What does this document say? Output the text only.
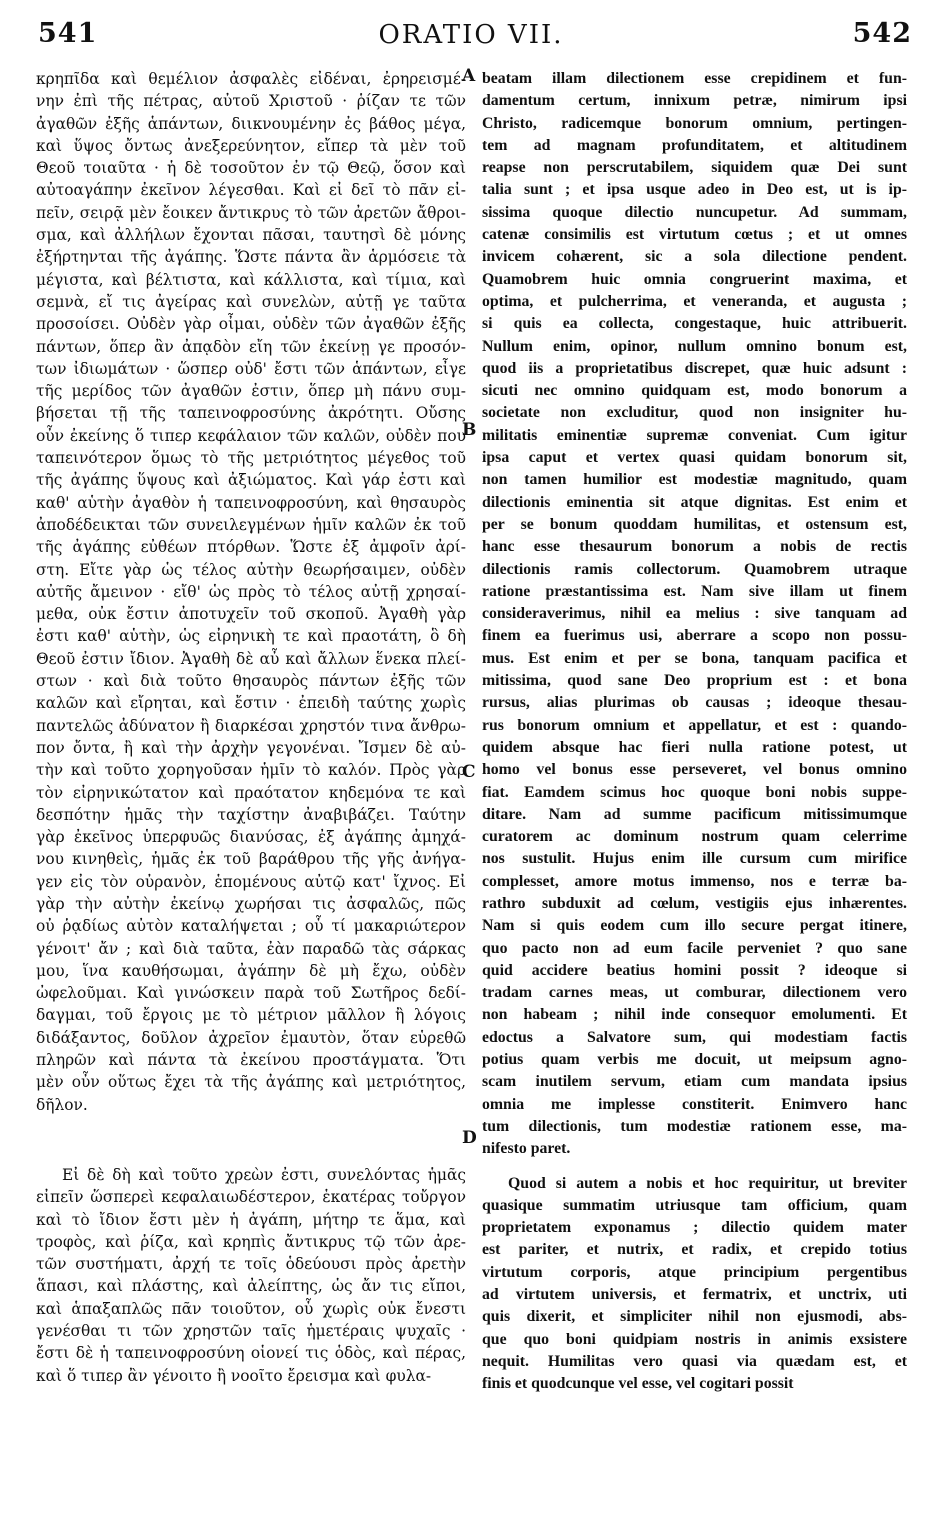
541	ORATIO VII.	542
A
B
C
D
κρηπῖδα καὶ θεμέλιον ἀσφαλὲς εἰδέναι, ἐρηρεισμέ-
νην ἐπὶ τῆς πέτρας, αὐτοῦ Χριστοῦ · ῥίζαν τε τῶν
ἀγαθῶν ἐξῆς ἁπάντων, διικνουμένην ἐς βάθος μέγα,
καὶ ὕψος ὄντως ἀνεξερεύνητον, εἴπερ τὰ μὲν τοῦ
Θεοῦ τοιαῦτα · ἡ δὲ τοσοῦτον ἐν τῷ Θεῷ, ὅσον καὶ
αὐτοαγάπην ἐκεῖνον λέγεσθαι. Καὶ εἰ δεῖ τὸ πᾶν εἰ-
πεῖν, σειρᾷ μὲν ἔοικεν ἄντικρυς τὸ τῶν ἀρετῶν ἄθροι-
σμα, καὶ ἀλλήλων ἔχονται πᾶσαι, ταυτησὶ δὲ μόνης
ἐξήρτηνται τῆς ἀγάπης. Ὥστε πάντα ἂν ἁρμόσειε τὰ
μέγιστα, καὶ βέλτιστα, καὶ κάλλιστα, καὶ τίμια, καὶ
σεμνὰ, εἴ τις ἀγείρας καὶ συνελὼν, αὐτῇ γε ταῦτα
προσοίσει. Οὐδὲν γὰρ οἶμαι, οὐδὲν τῶν ἀγαθῶν ἐξῆς
πάντων, ὅπερ ἂν ἀπᾳδὸν εἴη τῶν ἐκείνῃ γε προσόν-
των ἰδιωμάτων · ὥσπερ οὐδ' ἔστι τῶν ἁπάντων, εἶγε
τῆς μερίδος τῶν ἀγαθῶν ἐστιν, ὅπερ μὴ πάνυ συμ-
βήσεται τῇ τῆς ταπεινοφροσύνης ἀκρότητι. Οὔσης
οὖν ἐκείνης ὅ τιπερ κεφάλαιον τῶν καλῶν, οὐδὲν που
ταπεινότερον ὅμως τὸ τῆς μετριότητος μέγεθος τοῦ
τῆς ἀγάπης ὕψους καὶ ἀξιώματος. Καὶ γάρ ἐστι καὶ
καθ' αὑτὴν ἀγαθὸν ἡ ταπεινοφροσύνη, καὶ θησαυρὸς
ἀποδέδεικται τῶν συνειλεγμένων ἡμῖν καλῶν ἐκ τοῦ
τῆς ἀγάπης εὐθέων πτόρθων. Ὥστε ἐξ ἀμφοῖν ἀρί-
στη. Εἴτε γὰρ ὡς τέλος αὐτὴν θεωρήσαιμεν, οὐδὲν
αὐτῆς ἄμεινον · εἴθ' ὡς πρὸς τὸ τέλος αὐτῇ χρησαί-
μεθα, οὐκ ἔστιν ἀποτυχεῖν τοῦ σκοποῦ. Ἀγαθὴ γὰρ
ἐστι καθ' αὑτὴν, ὡς εἰρηνικὴ τε καὶ πραοτάτη, ὃ δὴ
Θεοῦ ἐστιν ἴδιον. Ἀγαθὴ δὲ αὖ καὶ ἄλλων ἕνεκα πλεί-
στων · καὶ διὰ τοῦτο θησαυρὸς πάντων ἐξῆς τῶν
καλῶν καὶ εἴρηται, καὶ ἔστιν · ἐπειδὴ ταύτης χωρὶς
παντελῶς ἀδύνατον ἢ διαρκέσαι χρηστόν τινα ἄνθρω-
πον ὄντα, ἢ καὶ τὴν ἀρχὴν γεγονέναι. Ἴσμεν δὲ αὐ-
τὴν καὶ τοῦτο χορηγοῦσαν ἡμῖν τὸ καλόν. Πρὸς γὰρ
τὸν εἰρηνικώτατον καὶ πραότατον κηδεμόνα τε καὶ
δεσπότην ἡμᾶς τὴν ταχίστην ἀναβιβάζει. Ταύτην
γὰρ ἐκεῖνος ὑπερφυῶς διανύσας, ἐξ ἀγάπης ἀμηχά-
νου κινηθεὶς, ἡμᾶς ἐκ τοῦ βαράθρου τῆς γῆς ἀνήγα-
γεν εἰς τὸν οὐρανὸν, ἑπομένους αὐτῷ κατ' ἴχνος. Εἰ
γὰρ τὴν αὐτὴν ἐκείνῳ χωρήσαι τις ἀσφαλῶς, πῶς
οὐ ῥᾳδίως αὐτὸν καταλήψεται ; οὗ τί μακαριώτερον
γένοιτ' ἄν ; καὶ διὰ ταῦτα, ἐὰν παραδῶ τὰς σάρκας
μου, ἵνα καυθήσωμαι, ἀγάπην δὲ μὴ ἔχω, οὐδὲν
ὠφελοῦμαι. Καὶ γινώσκειν παρὰ τοῦ Σωτῆρος δεδί-
δαγμαι, τοῦ ἔργοις με τὸ μέτριον μᾶλλον ἢ λόγοις
διδάξαντος, δοῦλον ἀχρεῖον ἐμαυτὸν, ὅταν εὑρεθῶ
πληρῶν καὶ πάντα τὰ ἐκείνου προστάγματα. Ὅτι
μὲν οὖν οὕτως ἔχει τὰ τῆς ἀγάπης καὶ μετριότητος,
δῆλον.
Εἰ δὲ δὴ καὶ τοῦτο χρεὼν ἐστι, συνελόντας ἡμᾶς
εἰπεῖν ὥσπερεὶ κεφαλαιωδέστερον, ἑκατέρας τοὔργον
καὶ τὸ ἴδιον ἔστι μὲν ἡ ἀγάπη, μήτηρ τε ἅμα, καὶ
τροφὸς, καὶ ῥίζα, καὶ κρηπὶς ἄντικρυς τῷ τῶν ἀρε-
τῶν συστήματι, ἀρχή τε τοῖς ὁδεύουσι πρὸς ἀρετὴν
ἅπασι, καὶ πλάστης, καὶ ἀλείπτης, ὡς ἄν τις εἴποι,
καὶ ἁπαξαπλῶς πᾶν τοιοῦτον, οὗ χωρὶς οὐκ ἔνεστι
γενέσθαι τι τῶν χρηστῶν ταῖς ἡμετέραις ψυχαῖς ·
ἔστι δὲ ἡ ταπεινοφροσύνη οἱονεί τις ὁδὸς, καὶ πέρας,
καὶ ὅ τιπερ ἂν γένοιτο ἢ νοοῖτο ἔρεισμα καὶ φυλα-
beatam illam dilectionem esse crepidinem et fun-
damentum certum, innixum petræ, nimirum ipsi
Christo, radicemque bonorum omnium, pertingen-
tem ad magnam profunditatem, et altitudinem
reapse non perscrutabilem, siquidem quæ Dei sunt
talia sunt ; et ipsa usque adeo in Deo est, ut is ip-
sissima quoque dilectio nuncupetur. Ad summam,
catenæ consimilis est virtutum cœtus ; et ut omnes
invicem cohærent, sic a sola dilectione pendent.
Quamobrem huic omnia congruerint maxima, et
optima, et pulcherrima, et veneranda, et augusta ;
si quis ea collecta, congestaque, huic attribuerit.
Nullum enim, opinor, nullum omnino bonum est,
quod iis a proprietatibus discrepet, quæ huic adsunt :
sicuti nec omnino quidquam est, modo bonorum a
societate non excluditur, quod non insigniter hu-
militatis eminentiæ supremæ conveniat. Cum igitur
ipsa caput et vertex quasi quidam bonorum sit,
non tamen humilior est modestiæ magnitudo, quam
dilectionis eminentia sit atque dignitas. Est enim et
per se bonum quoddam humilitas, et ostensum est,
hanc esse thesaurum bonorum a nobis de rectis
dilectionis ramis collectorum. Quamobrem utraque
ratione præstantissima est. Nam sive illam ut finem
consideraverimus, nihil ea melius : sive tanquam ad
finem ea fuerimus usi, aberrare a scopo non possu-
mus. Est enim et per se bona, tanquam pacifica et
mitissima, quod sane Deo proprium est : et bona
rursus, alias plurimas ob causas ; ideoque thesau-
rus bonorum omnium et appellatur, et est : quando-
quidem absque hac fieri nulla ratione potest, ut
homo vel bonus esse perseveret, vel bonus omnino
fiat. Eamdem scimus hoc quoque boni nobis suppe-
ditare. Nam ad summe pacificum mitissimumque
curatorem ac dominum nostrum quam celerrime
nos sustulit. Hujus enim ille cursum cum mirifice
complesset, amore motus immenso, nos e terræ ba-
rathro subduxit ad cœlum, vestigiis ejus inhærentes.
Nam si quis eodem cum illo secure pergat itinere,
quo pacto non ad eum facile perveniet ? quo sane
quid accidere beatius homini possit ? ideoque si
tradam carnes meas, ut comburar, dilectionem vero
non habeam ; nihil inde consequor emolumenti. Et
edoctus a Salvatore sum, qui modestiam factis
potius quam verbis me docuit, ut meipsum agno-
scam inutilem servum, etiam cum mandata ipsius
omnia me implesse constiterit. Enimvero hanc
tum dilectionis, tum modestiæ rationem esse, ma-
nifesto paret.
Quod si autem a nobis et hoc requiritur, ut breviter
quasique summatim utriusque tam officium, quam
proprietatem exponamus ; dilectio quidem mater
est pariter, et nutrix, et radix, et crepido totius
virtutum corporis, atque principium pergentibus
ad virtutem universis, et fermatrix, et unctrix, uti
quis dixerit, et simpliciter nihil non ejusmodi, abs-
que quo boni quidpiam nostris in animis exsistere
nequit. Humilitas vero quasi via quædam est, et
finis et quodcunque vel esse, vel cogitari possit
